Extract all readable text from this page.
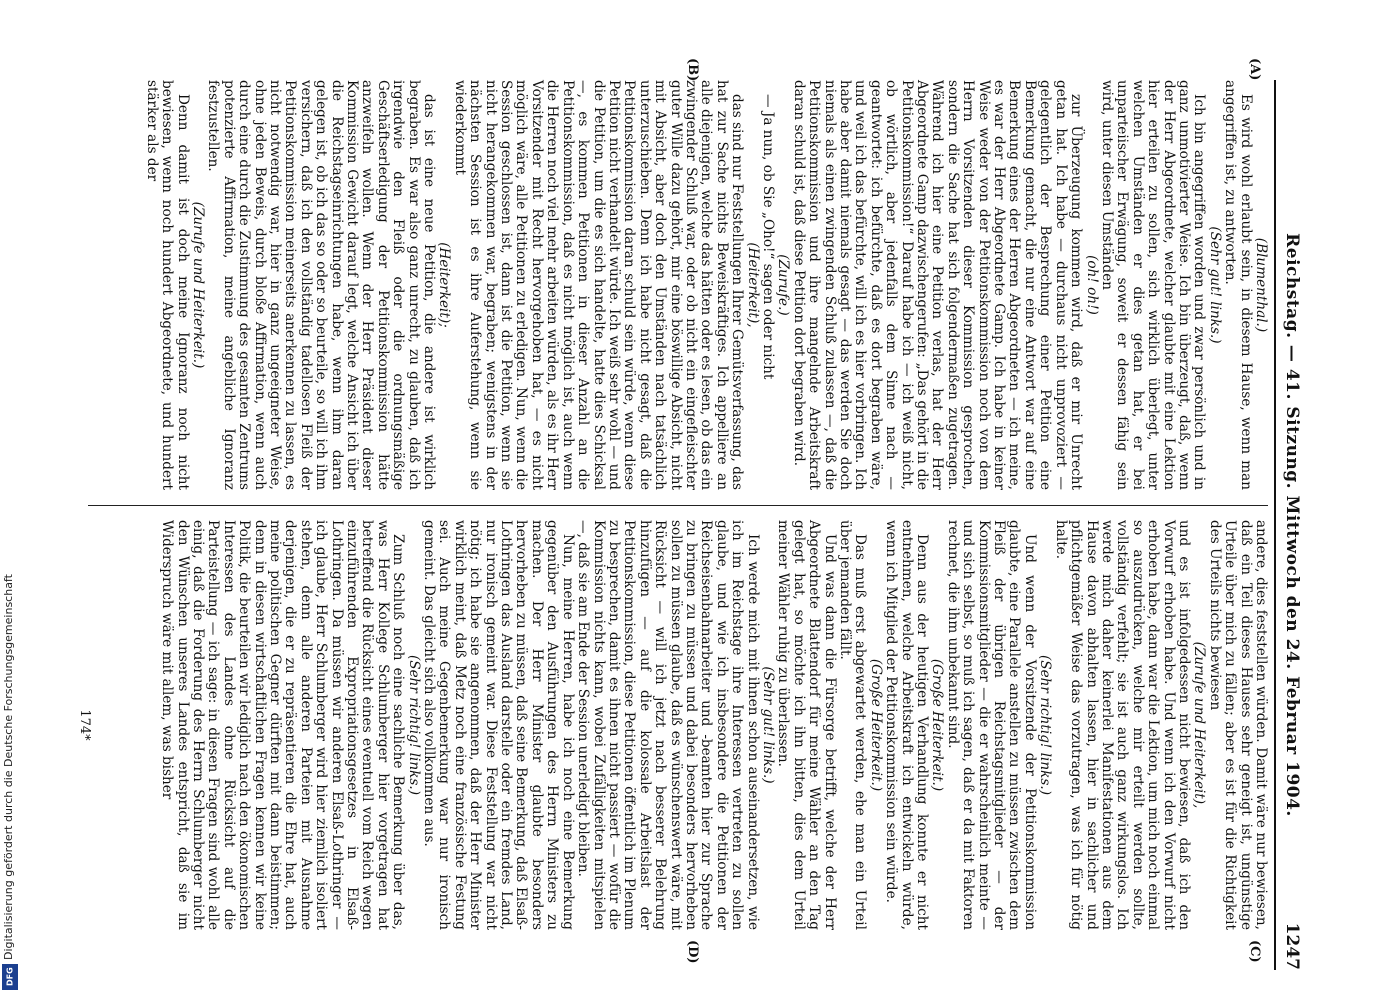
Reichstag. — 41. Sitzung. Mittwoch den 24. Februar 1904.
1247
(A)
(B)
(C)
(D)

(Blumenthal.)

Es wird wohl erlaubt sein, in diesem Hause, wenn man angegriffen ist, zu antworten.

(Sehr gut! links.)

Ich bin angegriffen worden und zwar persönlich und in ganz unmotivierter Weise. Ich bin überzeugt, daß, wenn der Herr Abgeordnete, welcher glaubte mit eine Lektion hier erteilen zu sollen, sich wirklich überlegt, unter welchen Umständen er dies getan hat, er bei unparteiischer Erwägung, soweit er dessen fähig sein wird, unter diesen Umständen

(oh! oh!)

zur Überzeugung kommen wird, daß er mir Unrecht getan hat. Ich habe — durchaus nicht unprovoziert — gelegentlich der Besprechung einer Petition eine Bemerkung gemacht, die nur eine Antwort war auf eine Bemerkung eines der Herren Abgeordneten — ich meine, es war der Herr Abgeordnete Gamp. Ich habe in keiner Weise weder von der Petitionskommission noch von dem Herrn Vorsitzenden dieser Kommission gesprochen, sondern die Sache hat sich folgendermaßen zugetragen. Während ich hier eine Petition verlas, hat der Herr Abgeordnete Gamp dazwischengerufen: „Das gehört in die Petitionskommission!“ Darauf habe ich — ich weiß nicht, ob wörtlich, aber jedenfalls dem Sinne nach — geantwortet: ich befürchte, daß es dort begraben wäre, und weil ich das befürchte, will ich es hier vorbringen. Ich habe aber damit niemals gesagt — das werden Sie doch niemals als einen zwingenden Schluß zulassen —, daß die Petitionskommission und ihre mangelnde Arbeitskraft daran schuld ist, daß diese Petition dort begraben wird.

(Zurufe.)

— Ja nun, ob Sie „Oho!“ sagen oder nicht

(Heiterkeit),

das sind nur Feststellungen Ihrer Gemütsverfassung, das hat zur Sache nichts Beweiskräftiges. Ich appelliere an alle diejenigen, welche das hätten oder es lesen, ob das ein zwingender Schluß war, oder ob nicht ein eingefleischter guter Wille dazu gehört, mir eine böswillige Absicht, nicht mit Absicht, aber doch den Umständen nach tatsächlich unterzuschieben. Denn ich habe nicht gesagt, daß die Petitionskommission daran schuld sein würde, wenn diese Petition nicht verhandelt würde. Ich weiß sehr wohl — und die Petition, um die es sich handelte, hatte dies Schicksal —, es kommen Petitionen in dieser Anzahl an die Petitionskommission, daß es nicht möglich ist, auch wenn die Herren noch viel mehr arbeiten würden, als es ihr Herr Vorsitzender mit Recht hervorgehoben hat, — es nicht möglich wäre, alle Petitionen zu erledigen. Nun, wenn die Session geschlossen ist, dann ist die Petition, wenn sie nicht herangekommen war, begraben; wenigstens in der nächsten Session ist es ihre Auferstehung, wenn sie wiederkommt

(Heiterkeit);

das ist eine neue Petition, die andere ist wirklich begraben. Es war also ganz unrecht, zu glauben, daß ich irgendwie den Fleiß oder die ordnungsmäßige Geschäftserledigung der Petitionskommission hätte anzweifeln wollen. Wenn der Herr Präsident dieser Kommission Gewicht darauf legt, welche Ansicht ich über die Reichstagseinrichtungen habe, wenn ihm daran gelegen ist, ob ich das so oder so beurteile, so will ich ihm versichern, daß ich den vollständig tadellosen Fleiß der Petitionskommission meinerseits anerkennen zu lassen, es nicht notwendig war, hier in ganz ungeeigneter Weise, ohne jeden Beweis, durch bloße Affirmation, wenn auch durch eine durch die Zustimmung des gesamten Zentrums potenzierte Affirmation, meine angebliche Ignoranz festzustellen.

(Zurufe und Heiterkeit.)

Denn damit ist doch meine Ignoranz noch nicht bewiesen, wenn noch hundert Abgeordnete, und hundert stärker als der

andere, dies feststellen würden. Damit wäre nur bewiesen, daß ein Teil dieses Hauses sehr geneigt ist, ungünstige Urteile über mich zu fällen; aber es ist für die Richtigkeit des Urteils nichts bewiesen

(Zurufe und Heiterkeit),

und es ist infolgedessen nicht bewiesen, daß ich den Vorwurf erhoben habe. Und wenn ich den Vorwurf nicht erhoben habe, dann war die Lektion, um mich noch einmal so auszudrücken, welche mir erteilt werden sollte, vollständig verfehlt; sie ist auch ganz wirkungslos. Ich werde mich daher keinerlei Manifestationen aus dem Hause davon abhalten lassen, hier in sachlicher und pflichtgemäßer Weise das vorzutragen, was ich für nötig halte.

(Sehr richtig! links.)

Und wenn der Vorsitzende der Petitionskommission glaubte, eine Parallele anstellen zu müssen zwischen dem Fleiß der übrigen Reichstagsmitglieder — der Kommissionsmitglieder — die er wahrscheinlich meinte — und sich selbst, so muß ich sagen, daß er da mit Faktoren rechnet, die ihm unbekannt sind.

(Große Heiterkeit.)

Denn aus der heutigen Verhandlung konnte er nicht entnehmen, welche Arbeitskraft ich entwickeln würde, wenn ich Mitglied der Petitionskommission sein würde.

(Große Heiterkeit.)

Das muß erst abgewartet werden, ehe man ein Urteil über jemanden fällt.

Und was dann die Fürsorge betrifft, welche der Herr Abgeordnete Blattendorf für meine Wähler an den Tag gelegt hat, so möchte ich ihn bitten, dies dem Urteil meiner Wähler ruhig zu überlassen.

(Sehr gut! links.)

Ich werde mich mit ihnen schon auseinandersetzen, wie ich im Reichstage ihre Interessen vertreten zu sollen glaube, und wie ich insbesondere die Petitionen der Reichseisenbahnarbeiter und -beamten hier zur Sprache zu bringen zu müssen und dabei besonders hervorheben sollen zu müssen glaube, daß es wünschenswert wäre, mit Rücksicht — will ich jetzt nach besserer Belehrung hinzufügen — auf die kolossale Arbeitslast der Petitionskommission, diese Petitionen öffentlich im Plenum zu besprechen, damit es ihnen nicht passiert — wofür die Kommission nichts kann, wobei Zufälligkeiten mitspielen —, daß sie am Ende der Session unerledigt bleiben.

Nun, meine Herren, habe ich noch eine Bemerkung gegenüber den Ausführungen des Herrn Ministers zu machen. Der Herr Minister glaubte besonders hervorheben zu müssen, daß seine Bemerkung, daß Elsaß-Lothringen das Ausland darstelle oder ein fremdes Land, nur ironisch gemeint war. Diese Feststellung war nicht nötig; ich habe sie angenommen, daß der Herr Minister wirklich meint, daß Metz noch eine französische Festung sei. Auch meine Gegenbemerkung war nur ironisch gemeint. Das gleicht sich also vollkommen aus.

(Sehr richtig! links.)

Zum Schluß noch eine sachliche Bemerkung über das, was Herr Kollege Schlumberger hier vorgetragen hat betreffend die Rücksicht eines eventuell vom Reich wegen einzuführenden Expropriationsgesetzes in Elsaß-Lothringen. Da müssen wir anderen Elsaß-Lothringer — ich glaube, Herr Schlumberger wird hier ziemlich isoliert stehen, denn alle anderen Parteien mit Ausnahme derjenigen, die er zu repräsentieren die Ehre hat, auch meine politischen Gegner dürften mit dann beistimmen; denn in diesen wirtschaftlichen Fragen kennen wir keine Politik, die beurteilen wir lediglich nach den ökonomischen Interessen des Landes ohne Rücksicht auf die Parteistellung — ich sage: in diesen Fragen sind wohl alle einig, daß die Forderung des Herrn Schlumberger nicht den Wünschen unseres Landes entspricht, daß sie im Widerspruch wäre mit allem, was bisher

174*
Digitalisierung gefördert durch die Deutsche Forschungsgemeinschaft
DFG
